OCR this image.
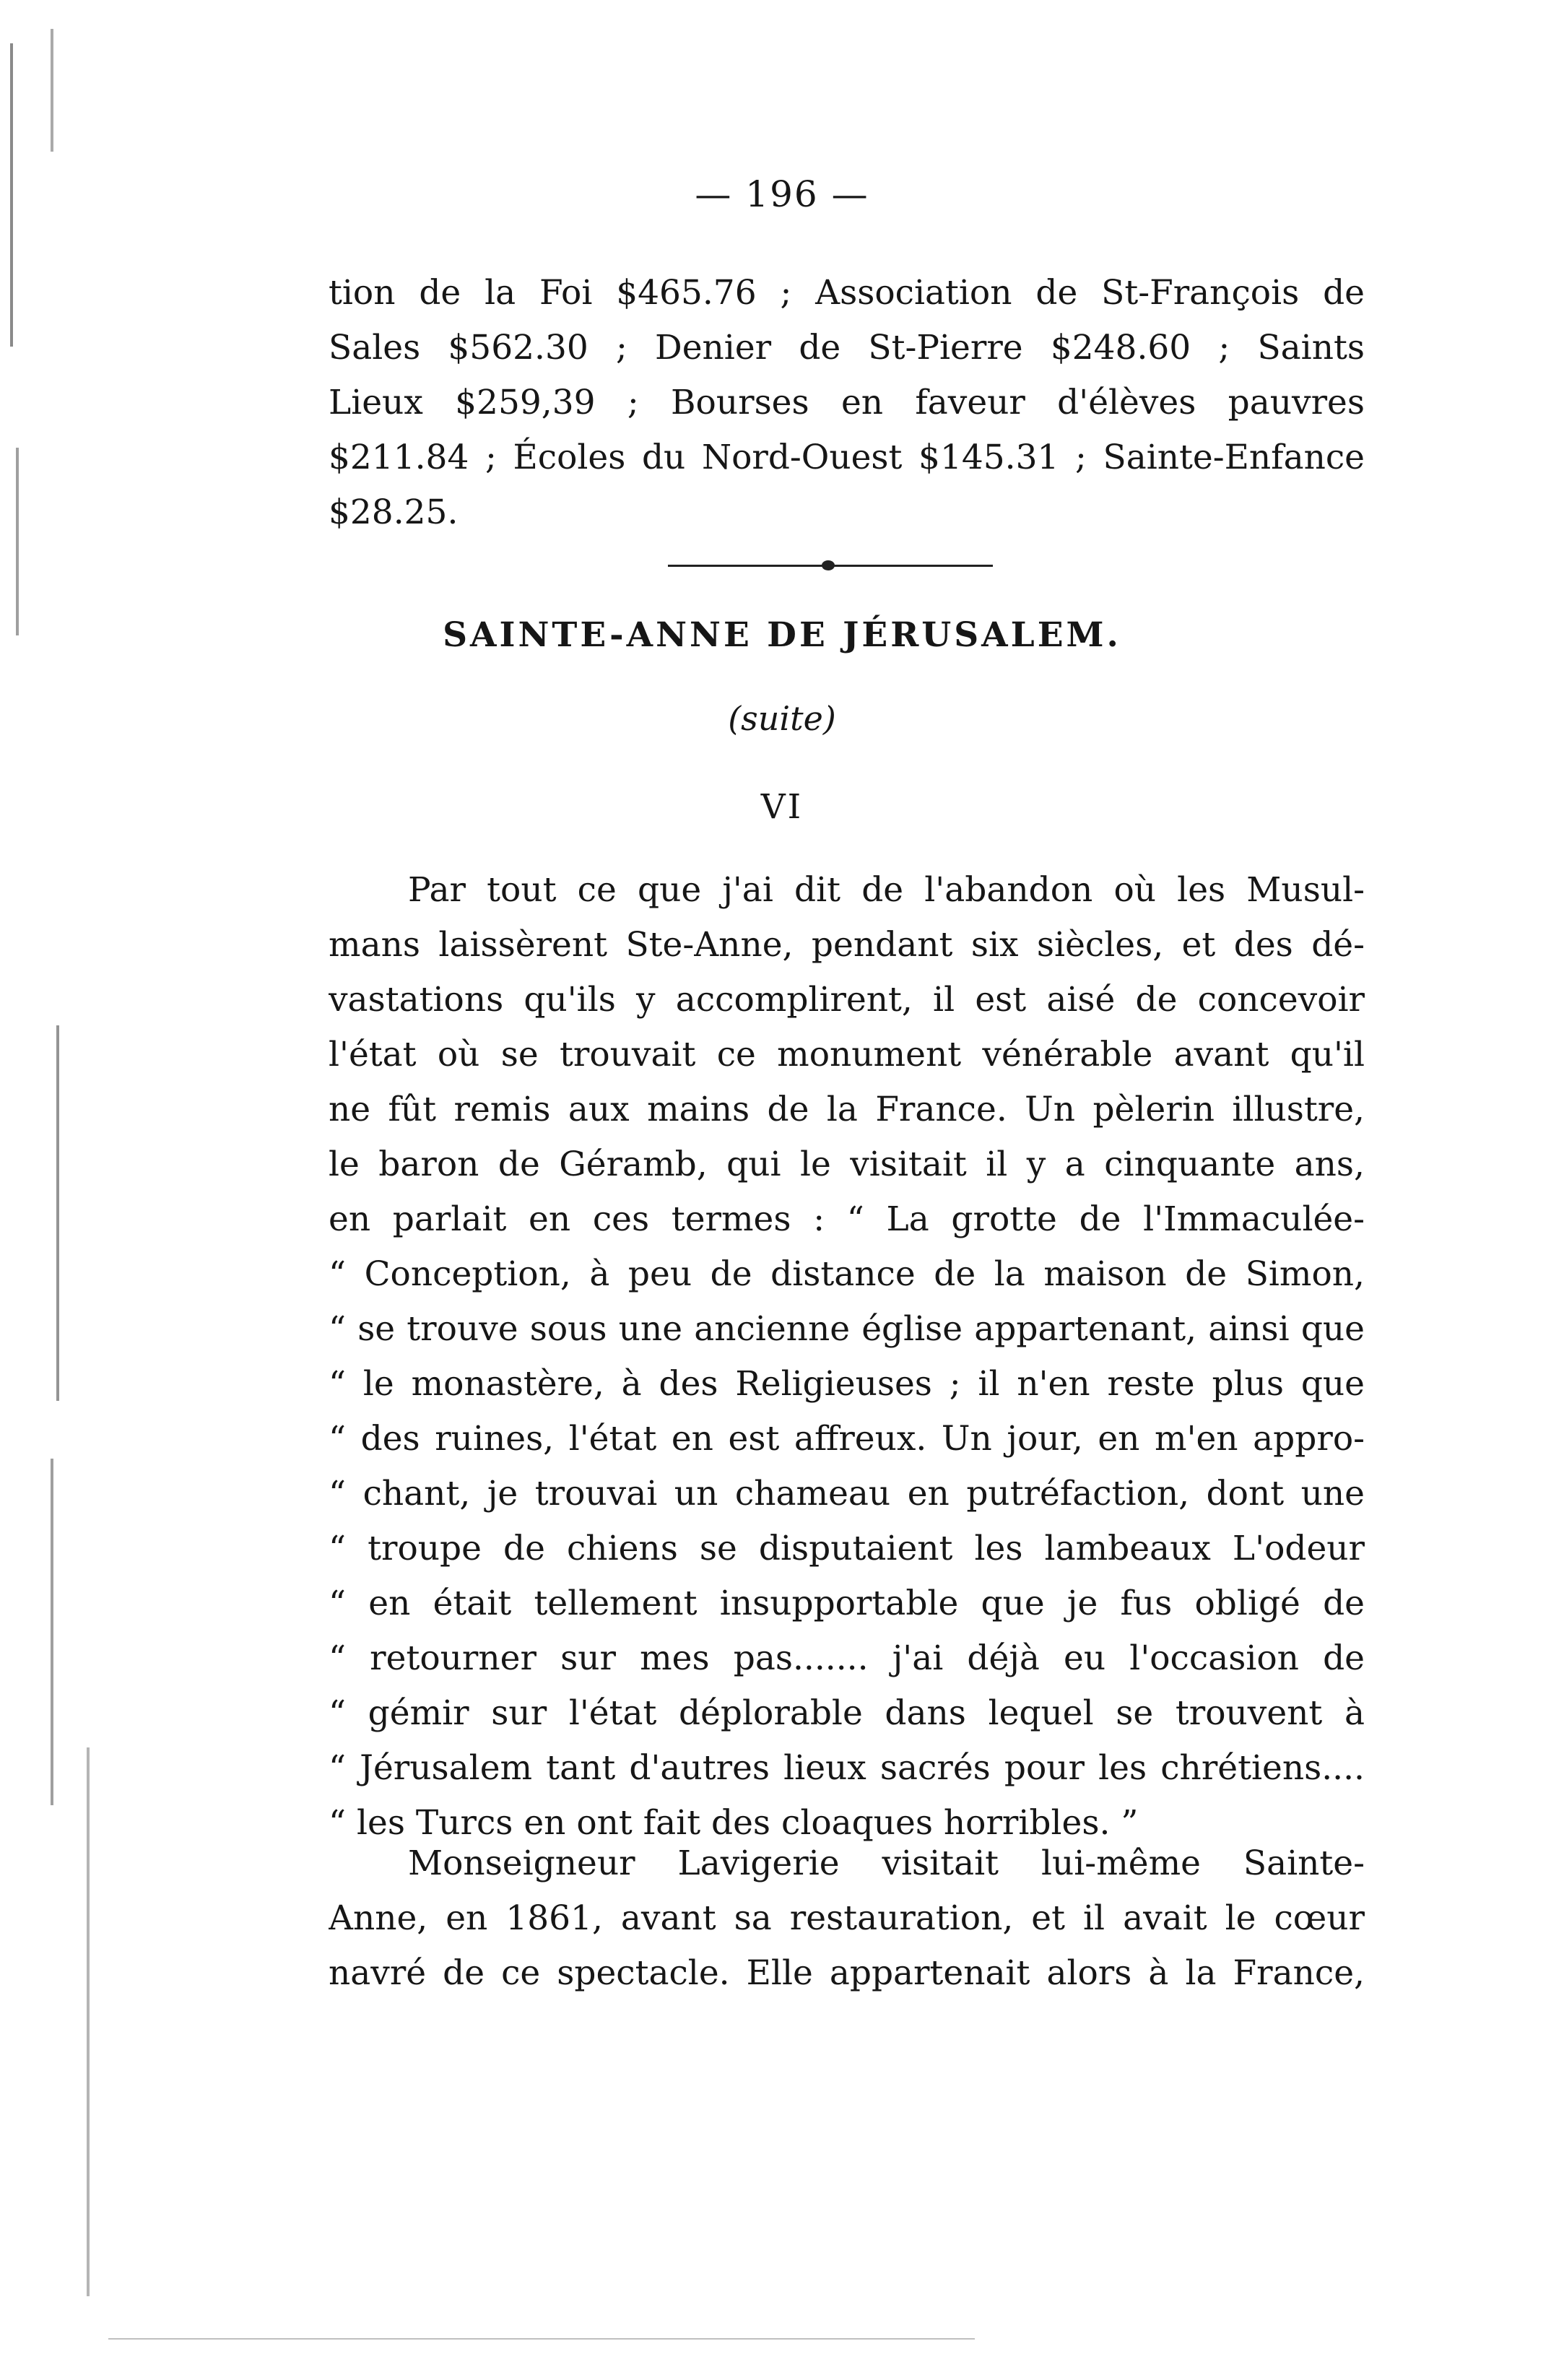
— 196 —
tion de la Foi $465.76 ; Association de St-François de
Sales $562.30 ; Denier de St-Pierre $248.60 ; Saints
Lieux $259,39 ; Bourses en faveur d'élèves pauvres
$211.84 ; Écoles du Nord-Ouest $145.31 ; Sainte-Enfance
$28.25.
SAINTE-ANNE DE JÉRUSALEM.
(suite)
VI
Par tout ce que j'ai dit de l'abandon où les Musul-
mans laissèrent Ste-Anne, pendant six siècles, et des dé-
vastations qu'ils y accomplirent, il est aisé de concevoir
l'état où se trouvait ce monument vénérable avant qu'il
ne fût remis aux mains de la France. Un pèlerin illustre,
le baron de Géramb, qui le visitait il y a cinquante ans,
en parlait en ces termes : “ La grotte de l'Immaculée-
“ Conception, à peu de distance de la maison de Simon,
“ se trouve sous une ancienne église appartenant, ainsi que
“ le monastère, à des Religieuses ; il n'en reste plus que
“ des ruines, l'état en est affreux. Un jour, en m'en appro-
“ chant, je trouvai un chameau en putréfaction, dont une
“ troupe de chiens se disputaient les lambeaux L'odeur
“ en était tellement insupportable que je fus obligé de
“ retourner sur mes pas....... j'ai déjà eu l'occasion de
“ gémir sur l'état déplorable dans lequel se trouvent à
“ Jérusalem tant d'autres lieux sacrés pour les chrétiens....
“ les Turcs en ont fait des cloaques horribles. ”
Monseigneur Lavigerie visitait lui-même Sainte-
Anne, en 1861, avant sa restauration, et il avait le cœur
navré de ce spectacle. Elle appartenait alors à la France,
